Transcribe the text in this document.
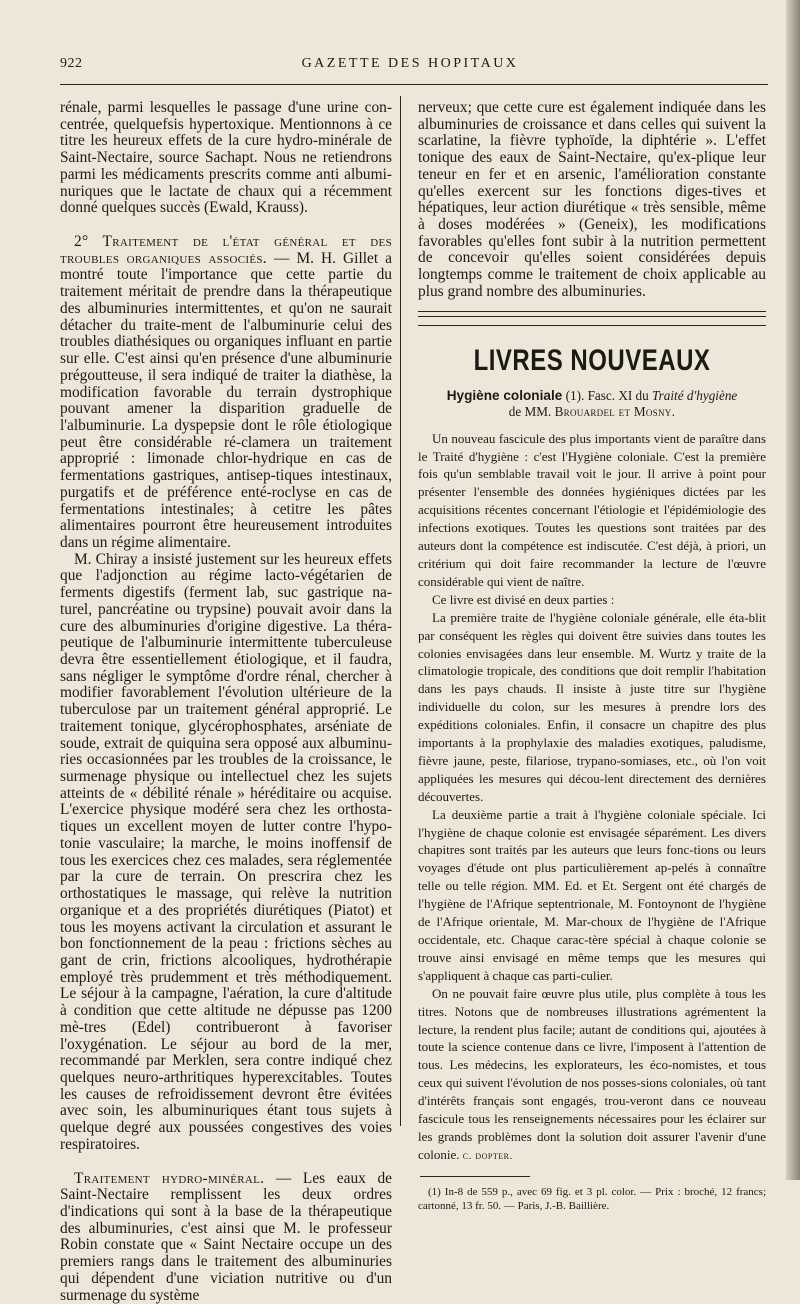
922	GAZETTE DES HOPITAUX

rénale, parmi lesquelles le passage d'une urine con-centrée, quelquefsis hypertoxique. Mentionnons à ce titre les heureux effets de la cure hydro-minérale de Saint-Nectaire, source Sachapt. Nous ne retiendrons parmi les médicaments prescrits comme anti albumi-nuriques que le lactate de chaux qui a récemment donné quelques succès (Ewald, Krauss).

2° Traitement de l'état général et des troubles organiques associés. — M. H. Gillet a montré toute l'importance que cette partie du traitement méritait de prendre dans la thérapeutique des albuminuries intermittentes, et qu'on ne saurait détacher du traite-ment de l'albuminurie celui des troubles diathésiques ou organiques influant en partie sur elle. C'est ainsi qu'en présence d'une albuminurie prégoutteuse, il sera indiqué de traiter la diathèse, la modification favorable du terrain dystrophique pouvant amener la disparition graduelle de l'albuminurie. La dyspepsie dont le rôle étiologique peut être considérable ré-clamera un traitement approprié : limonade chlor-hydrique en cas de fermentations gastriques, antisep-tiques intestinaux, purgatifs et de préférence enté-roclyse en cas de fermentations intestinales; à cetitre les pâtes alimentaires pourront être heureusement introduites dans un régime alimentaire.

M. Chiray a insisté justement sur les heureux effets que l'adjonction au régime lacto-végétarien de ferments digestifs (ferment lab, suc gastrique na-turel, pancréatine ou trypsine) pouvait avoir dans la cure des albuminuries d'origine digestive. La théra-peutique de l'albuminurie intermittente tuberculeuse devra être essentiellement étiologique, et il faudra, sans négliger le symptôme d'ordre rénal, chercher à modifier favorablement l'évolution ultérieure de la tuberculose par un traitement général approprié. Le traitement tonique, glycérophosphates, arséniate de soude, extrait de quiquina sera opposé aux albuminu-ries occasionnées par les troubles de la croissance, le surmenage physique ou intellectuel chez les sujets atteints de « débilité rénale » héréditaire ou acquise. L'exercice physique modéré sera chez les orthosta-tiques un excellent moyen de lutter contre l'hypo-tonie vasculaire; la marche, le moins inoffensif de tous les exercices chez ces malades, sera réglementée par la cure de terrain. On prescrira chez les orthostatiques le massage, qui relève la nutrition organique et a des propriétés diurétiques (Piatot) et tous les moyens activant la circulation et assurant le bon fonctionnement de la peau : frictions sèches au gant de crin, frictions alcooliques, hydrothérapie employé très prudemment et très méthodiquement. Le séjour à la campagne, l'aération, la cure d'altitude à condition que cette altitude ne dépusse pas 1200 mè-tres (Edel) contribueront à favoriser l'oxygénation. Le séjour au bord de la mer, recommandé par Merklen, sera contre indiqué chez quelques neuro-arthritiques hyperexcitables. Toutes les causes de refroidissement devront être évitées avec soin, les albuminuriques étant tous sujets à quelque degré aux poussées congestives des voies respiratoires.

Traitement hydro-minéral. — Les eaux de Saint-Nectaire remplissent les deux ordres d'indications qui sont à la base de la thérapeutique des albuminuries, c'est ainsi que M. le professeur Robin constate que « Saint Nectaire occupe un des premiers rangs dans le traitement des albuminuries qui dépendent d'une viciation nutritive ou d'un surmenage du système

nerveux; que cette cure est également indiquée dans les albuminuries de croissance et dans celles qui suivent la scarlatine, la fièvre typhoïde, la diphtérie ». L'effet tonique des eaux de Saint-Nectaire, qu'ex-plique leur teneur en fer et en arsenic, l'amélioration constante qu'elles exercent sur les fonctions diges-tives et hépatiques, leur action diurétique « très sensible, même à doses modérées » (Geneix), les modifications favorables qu'elles font subir à la nutrition permettent de concevoir qu'elles soient considérées depuis longtemps comme le traitement de choix applicable au plus grand nombre des albuminuries.

LIVRES NOUVEAUX
Hygiène coloniale (1). Fasc. XI du Traité d'hygiène
de MM. Brouardel et Mosny.

Un nouveau fascicule des plus importants vient de paraître dans le Traité d'hygiène : c'est l'Hygiène coloniale. C'est la première fois qu'un semblable travail voit le jour. Il arrive à point pour présenter l'ensemble des données hygiéniques dictées par les acquisitions récentes concernant l'étiologie et l'épidémiologie des infections exotiques. Toutes les questions sont traitées par des auteurs dont la compétence est indiscutée. C'est déjà, à priori, un critérium qui doit faire recommander la lecture de l'œuvre considérable qui vient de naître.

Ce livre est divisé en deux parties :

La première traite de l'hygiène coloniale générale, elle éta-blit par conséquent les règles qui doivent être suivies dans toutes les colonies envisagées dans leur ensemble. M. Wurtz y traite de la climatologie tropicale, des conditions que doit remplir l'habitation dans les pays chauds. Il insiste à juste titre sur l'hygiène individuelle du colon, sur les mesures à prendre lors des expéditions coloniales. Enfin, il consacre un chapitre des plus importants à la prophylaxie des maladies exotiques, paludisme, fièvre jaune, peste, filariose, trypano-somiases, etc., où l'on voit appliquées les mesures qui décou-lent directement des dernières découvertes.

La deuxième partie a trait à l'hygiène coloniale spéciale. Ici l'hygiène de chaque colonie est envisagée séparément. Les divers chapitres sont traités par les auteurs que leurs fonc-tions ou leurs voyages d'étude ont plus particulièrement ap-pelés à connaître telle ou telle région. MM. Ed. et Et. Sergent ont été chargés de l'hygiène de l'Afrique septentrionale, M. Fontoynont de l'hygiène de l'Afrique orientale, M. Mar-choux de l'hygiène de l'Afrique occidentale, etc. Chaque carac-tère spécial à chaque colonie se trouve ainsi envisagé en même temps que les mesures qui s'appliquent à chaque cas parti-culier.

On ne pouvait faire œuvre plus utile, plus complète à tous les titres. Notons que de nombreuses illustrations agrémentent la lecture, la rendent plus facile; autant de conditions qui, ajoutées à toute la science contenue dans ce livre, l'imposent à l'attention de tous. Les médecins, les explorateurs, les éco-nomistes, et tous ceux qui suivent l'évolution de nos posses-sions coloniales, où tant d'intérêts français sont engagés, trou-veront dans ce nouveau fascicule tous les renseignements nécessaires pour les éclairer sur les grands problèmes dont la solution doit assurer l'avenir d'une colonie. c. dopter.

(1) In-8 de 559 p., avec 69 fig. et 3 pl. color. — Prix : broché, 12 francs; cartonné, 13 fr. 50. — Paris, J.-B. Baillière.
